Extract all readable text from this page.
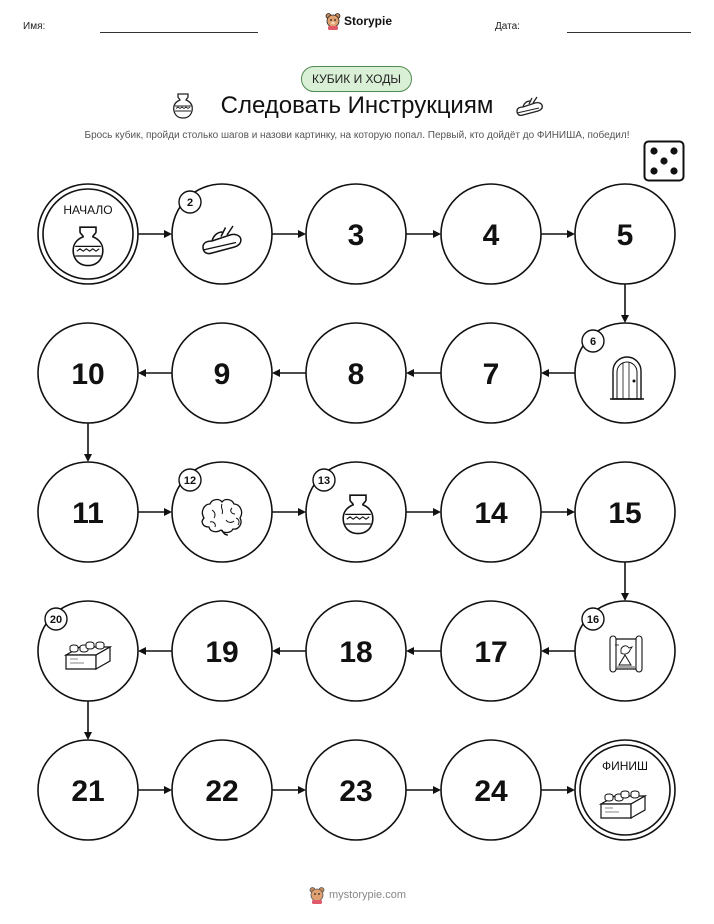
Имя:	Storypie	Дата:
КУБИК И ХОДЫ
Следовать Инструкциям
Брось кубик, пройди столько шагов и назови картинку, на которую попал. Первый, кто дойдёт до ФИНИША, победил!
НАЧАЛО	2
3	4	5
6
7
8
9
10
11
12	13
14	15
16
17
18
19
20
21	22	23	24
ФИНИШ
mystorypie.com
